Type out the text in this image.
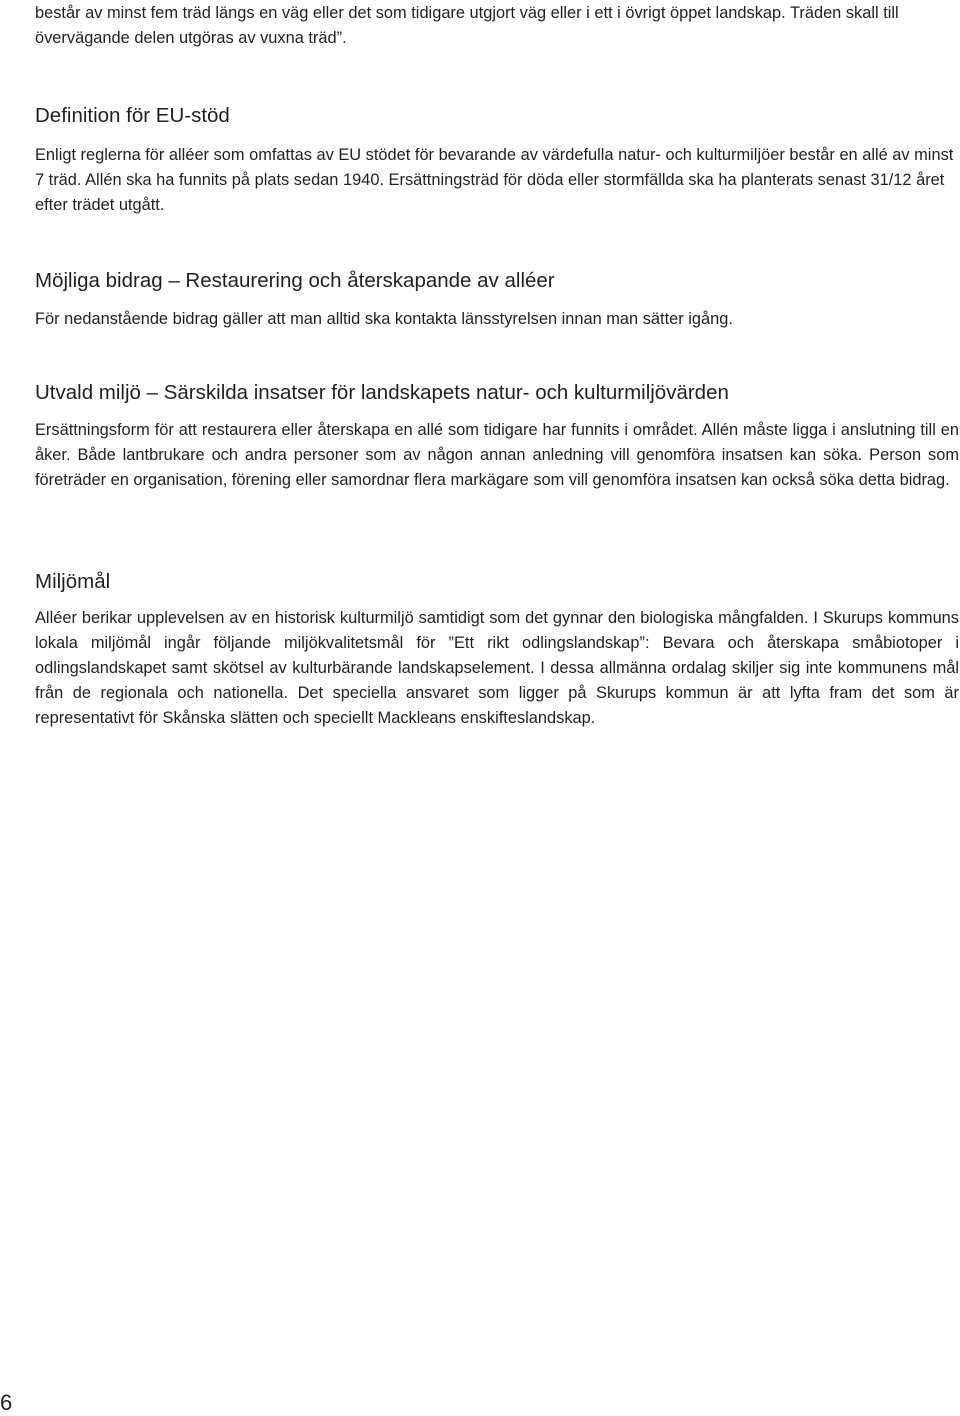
består av minst fem träd längs en väg eller det som tidigare utgjort väg eller i ett i övrigt öppet landskap. Träden skall till övervägande delen utgöras av vuxna träd”.

Definition för EU-stöd

Enligt reglerna för alléer som omfattas av EU stödet för bevarande av värdefulla natur- och kulturmiljöer består en allé av minst 7 träd. Allén ska ha funnits på plats sedan 1940. Ersättningsträd för döda eller stormfällda ska ha planterats senast 31/12 året efter trädet utgått.

Möjliga bidrag – Restaurering och återskapande av alléer

För nedanstående bidrag gäller att man alltid ska kontakta länsstyrelsen innan man sätter igång.

Utvald miljö – Särskilda insatser för landskapets natur- och kulturmiljövärden

Ersättningsform för att restaurera eller återskapa en allé som tidigare har funnits i området. Allén måste ligga i anslutning till en åker. Både lantbrukare och andra personer som av någon annan anledning vill genomföra insatsen kan söka. Person som företräder en organisation, förening eller samordnar flera markägare som vill genomföra insatsen kan också söka detta bidrag.

Miljömål

Alléer berikar upplevelsen av en historisk kulturmiljö samtidigt som det gynnar den biologiska mångfalden. I Skurups kommuns lokala miljömål ingår följande miljökvalitetsmål för ”Ett rikt odlingslandskap”: Bevara och återskapa småbiotoper i odlingslandskapet samt skötsel av kulturbärande landskapselement. I dessa allmänna ordalag skiljer sig inte kommunens mål från de regionala och nationella. Det speciella ansvaret som ligger på Skurups kommun är att lyfta fram det som är representativt för Skånska slätten och speciellt Mackleans enskifteslandskap.

6
